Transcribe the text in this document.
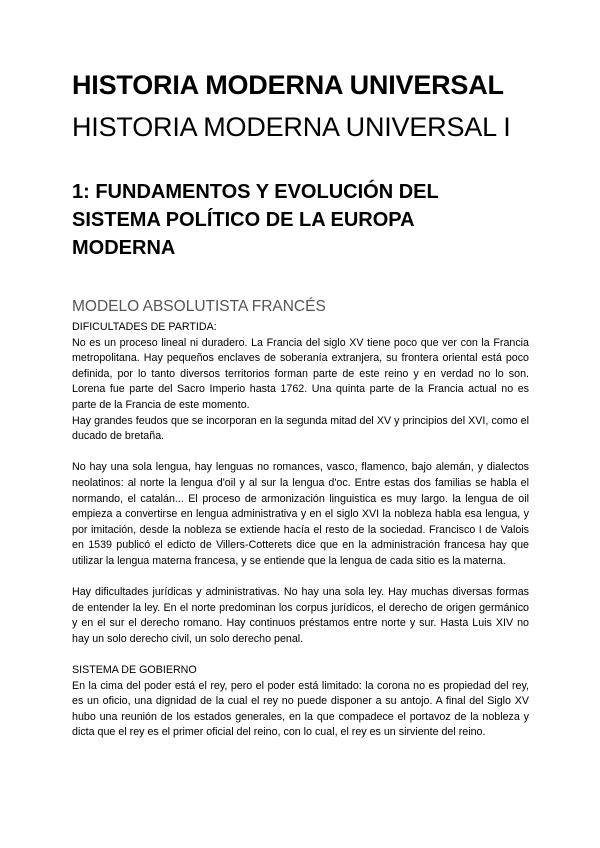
HISTORIA MODERNA UNIVERSAL
HISTORIA MODERNA UNIVERSAL I
1: FUNDAMENTOS Y EVOLUCIÓN DEL SISTEMA POLÍTICO DE LA EUROPA MODERNA
MODELO ABSOLUTISTA FRANCÉS
DIFICULTADES DE PARTIDA:

No es un proceso lineal ni duradero. La Francia del siglo XV tiene poco que ver con la Francia metropolitana. Hay pequeños enclaves de soberanía extranjera, su frontera oriental está poco definida, por lo tanto diversos territorios forman parte de este reino y en verdad no lo son. Lorena fue parte del Sacro Imperio hasta 1762. Una quinta parte de la Francia actual no es parte de la Francia de este momento.

Hay grandes feudos que se incorporan en la segunda mitad del XV y principios del XVI, como el ducado de bretaña.

No hay una sola lengua, hay lenguas no romances, vasco, flamenco, bajo alemán, y dialectos neolatinos: al norte la lengua d'oil y al sur la lengua d'oc. Entre estas dos familias se habla el normando, el catalán... El proceso de armonización linguistica es muy largo. la lengua de oil empieza a convertirse en lengua administrativa y en el siglo XVI la nobleza habla esa lengua, y por imitación, desde la nobleza se extiende hacía el resto de la sociedad. Francisco I de Valois en 1539 publicó el edicto de Villers-Cotterets dice que en la administración francesa hay que utilizar la lengua materna francesa, y se entiende que la lengua de cada sitio es la materna.

Hay dificultades jurídicas y administrativas. No hay una sola ley. Hay muchas diversas formas de entender la ley. En el norte predominan los corpus jurídicos, el derecho de origen germánico y en el sur el derecho romano. Hay continuos préstamos entre norte y sur. Hasta Luis XIV no hay un solo derecho civil, un solo derecho penal.

SISTEMA DE GOBIERNO

En la cima del poder está el rey, pero el poder está limitado: la corona no es propiedad del rey, es un oficio, una dignidad de la cual el rey no puede disponer a su antojo. A final del Siglo XV hubo una reunión de los estados generales, en la que compadece el portavoz de la nobleza y dicta que el rey es el primer oficial del reino, con lo cual, el rey es un sirviente del reino.
